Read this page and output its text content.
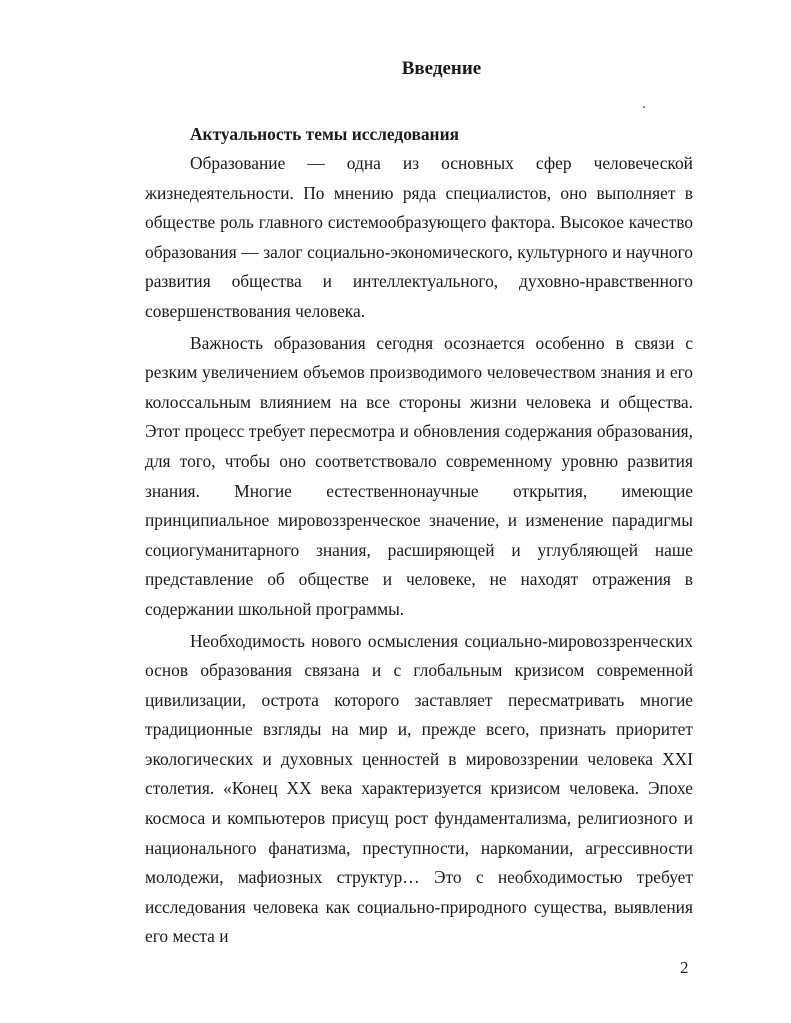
Введение

Актуальность темы исследования

Образование — одна из основных сфер человеческой жизнедеятельности. По мнению ряда специалистов, оно выполняет в обществе роль главного системообразующего фактора. Высокое качество образования — залог социально-экономического, культурного и научного развития общества и интеллектуального, духовно-нравственного совершенствования человека.

Важность образования сегодня осознается особенно в связи с резким увеличением объемов производимого человечеством знания и его колоссальным влиянием на все стороны жизни человека и общества. Этот процесс требует пересмотра и обновления содержания образования, для того, чтобы оно соответствовало современному уровню развития знания. Многие естественнонаучные открытия, имеющие принципиальное мировоззренческое значение, и изменение парадигмы социогуманитарного знания, расширяющей и углубляющей наше представление об обществе и человеке, не находят отражения в содержании школьной программы.

Необходимость нового осмысления социально-мировоззренческих основ образования связана и с глобальным кризисом современной цивилизации, острота которого заставляет пересматривать многие традиционные взгляды на мир и, прежде всего, признать приоритет экологических и духовных ценностей в мировоззрении человека XXI столетия. «Конец XX века характеризуется кризисом человека. Эпохе космоса и компьютеров присущ рост фундаментализма, религиозного и национального фанатизма, преступности, наркомании, агрессивности молодежи, мафиозных структур… Это с необходимостью требует исследования человека как социально-природного существа, выявления его места и

2
